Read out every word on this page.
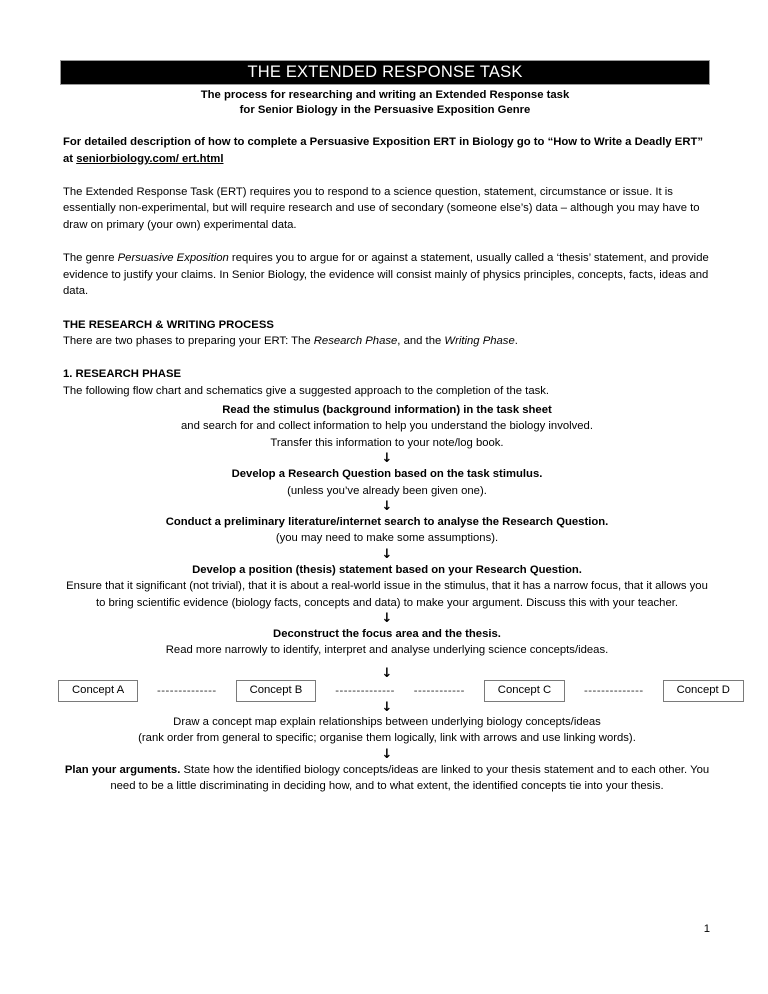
THE EXTENDED RESPONSE TASK
The process for researching and writing an Extended Response task
for Senior Biology in the Persuasive Exposition Genre

For detailed description of how to complete a Persuasive Exposition ERT in Biology go to “How to Write a Deadly ERT” at seniorbiology.com/ ert.html

The Extended Response Task (ERT) requires you to respond to a science question, statement, circumstance or issue. It is essentially non-experimental, but will require research and use of secondary (someone else’s) data – although you may have to draw on primary (your own) experimental data.

The genre Persuasive Exposition requires you to argue for or against a statement, usually called a ‘thesis’ statement, and provide evidence to justify your claims. In Senior Biology, the evidence will consist mainly of physics principles, concepts, facts, ideas and data.

THE RESEARCH & WRITING PROCESS

There are two phases to preparing your ERT: The Research Phase, and the Writing Phase.

1. RESEARCH PHASE

The following flow chart and schematics give a suggested approach to the completion of the task.

Read the stimulus (background information) in the task sheet

and search for and collect information to help you understand the biology involved.

Transfer this information to your note/log book.

↓

Develop a Research Question based on the task stimulus.

(unless you’ve already been given one).

↓

Conduct a preliminary literature/internet search to analyse the Research Question.

(you may need to make some assumptions).

↓

Develop a position (thesis) statement based on your Research Question.

Ensure that it significant (not trivial), that it is about a real-world issue in the stimulus, that it has a narrow focus, that it allows you to bring scientific evidence (biology facts, concepts and data) to make your argument. Discuss this with your teacher.

↓

Deconstruct the focus area and the thesis.

Read more narrowly to identify, interpret and analyse underlying science concepts/ideas.

↓
Concept A	--------------	Concept B	-------------- ------------	Concept C	--------------	Concept D
↓

Draw a concept map explain relationships between underlying biology concepts/ideas

(rank order from general to specific; organise them logically, link with arrows and use linking words).

↓

Plan your arguments. State how the identified biology concepts/ideas are linked to your thesis statement and to each other. You need to be a little discriminating in deciding how, and to what extent, the identified concepts tie into your thesis.

1
